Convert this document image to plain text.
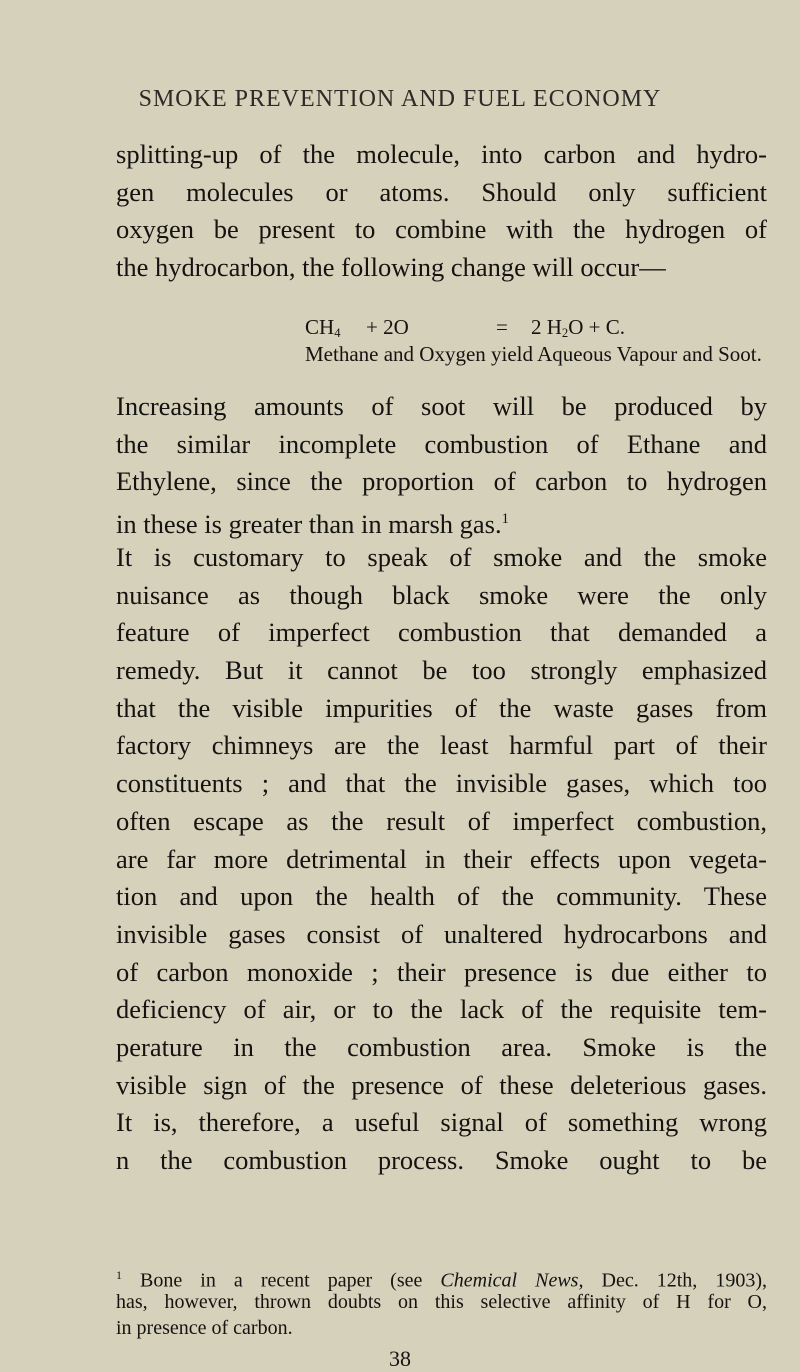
SMOKE PREVENTION AND FUEL ECONOMY
splitting-up of the molecule, into carbon and hydro-
gen molecules or atoms. Should only sufficient
oxygen be present to combine with the hydrogen of
the hydrocarbon, the following change will occur—
$CH_4 + 2O$	= 2 $H_2O + C$.
Methane and Oxygen yield Aqueous Vapour and Soot.
Increasing amounts of soot will be produced by
the similar incomplete combustion of Ethane and
Ethylene, since the proportion of carbon to hydrogen
in these is greater than in marsh gas.$^1$
It is customary to speak of smoke and the smoke
nuisance as though black smoke were the only
feature of imperfect combustion that demanded a
remedy. But it cannot be too strongly emphasized
that the visible impurities of the waste gases from
factory chimneys are the least harmful part of their
constituents ; and that the invisible gases, which too
often escape as the result of imperfect combustion,
are far more detrimental in their effects upon vegeta-
tion and upon the health of the community. These
invisible gases consist of unaltered hydrocarbons and
of carbon monoxide ; their presence is due either to
deficiency of air, or to the lack of the requisite tem-
perature in the combustion area. Smoke is the
visible sign of the presence of these deleterious gases.
It is, therefore, a useful signal of something wrong
n the combustion process. Smoke ought to be
$^1$ Bone in a recent paper (see Chemical News, Dec. 12th, 1903),
has, however, thrown doubts on this selective affinity of H for O,
in presence of carbon.
38
